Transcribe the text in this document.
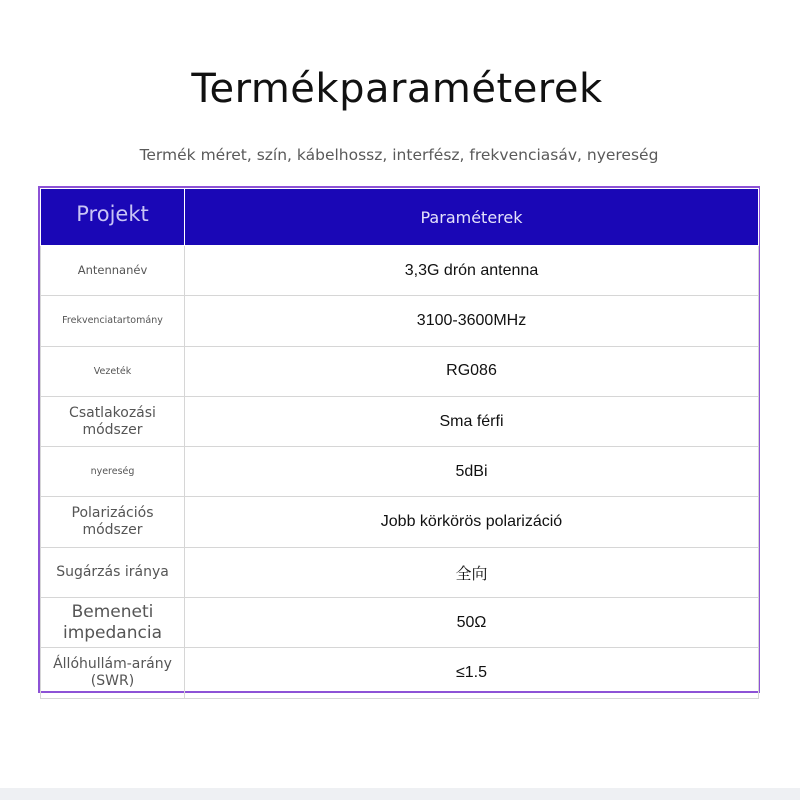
Termékparaméterek
Termék méret, szín, kábelhossz, interfész, frekvenciasáv, nyereség
Projekt	Paraméterek
Antennanév	3,3G drón antenna
Frekvenciatartomány	3100-3600MHz
Vezeték	RG086
Csatlakozási módszer	Sma férfi
nyereség	5dBi
Polarizációs módszer	Jobb körkörös polarizáció
Sugárzás iránya	全向
Bemeneti impedancia	50Ω
Állóhullám-arány (SWR)	≤1.5
